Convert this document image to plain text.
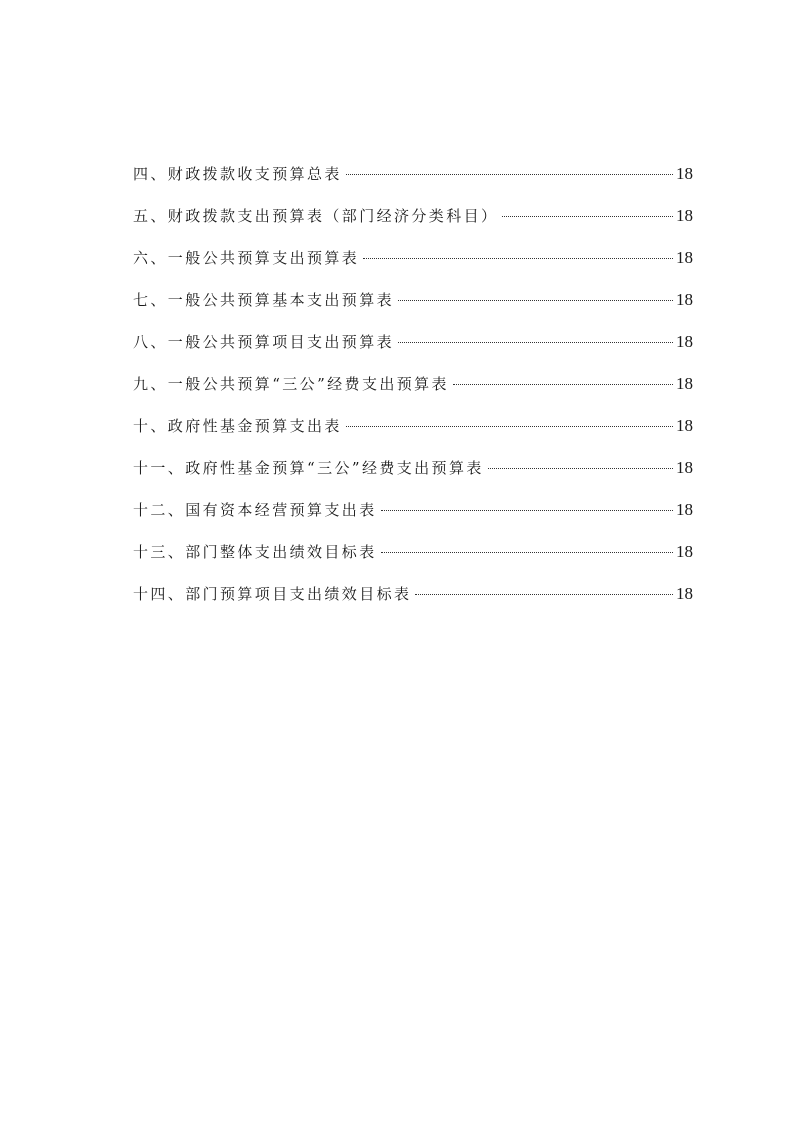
四、财政拨款收支预算总表	18
五、财政拨款支出预算表（部门经济分类科目）	18
六、一般公共预算支出预算表	18
七、一般公共预算基本支出预算表	18
八、一般公共预算项目支出预算表	18
九、一般公共预算“三公”经费支出预算表	18
十、政府性基金预算支出表	18
十一、政府性基金预算“三公”经费支出预算表	18
十二、国有资本经营预算支出表	18
十三、部门整体支出绩效目标表	18
十四、部门预算项目支出绩效目标表	18
